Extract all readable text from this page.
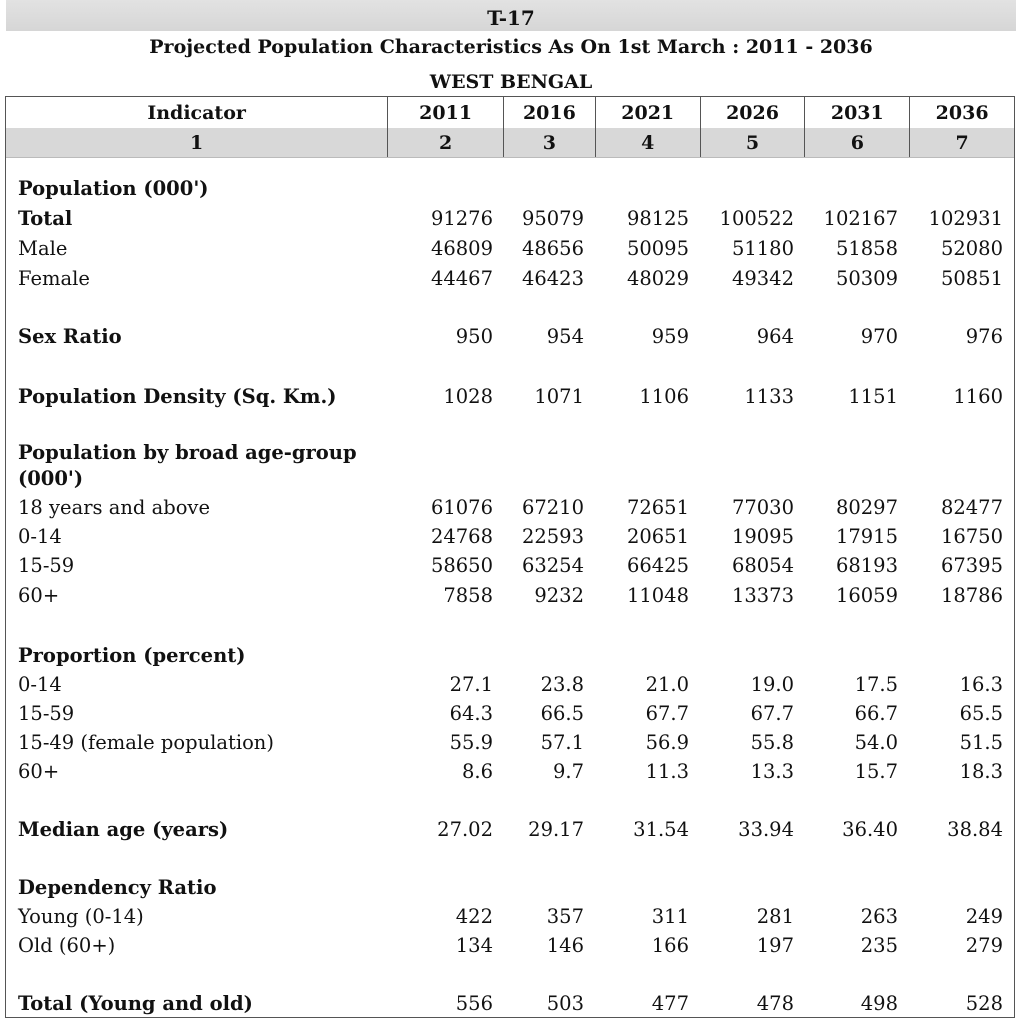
T-17
Projected Population Characteristics As On 1st March : 2011 - 2036
WEST BENGAL
Indicator	2011	2016	2021	2026	2031	2036
1	2	3	4	5	6	7
Population (000')
Total	91276	95079	98125	100522	102167	102931
Male	46809	48656	50095	51180	51858	52080
Female	44467	46423	48029	49342	50309	50851
Sex Ratio	950	954	959	964	970	976
Population Density (Sq. Km.)	1028	1071	1106	1133	1151	1160
Population by broad age-group
(000')
18 years and above	61076	67210	72651	77030	80297	82477
0-14	24768	22593	20651	19095	17915	16750
15-59	58650	63254	66425	68054	68193	67395
60+	7858	9232	11048	13373	16059	18786
Proportion (percent)
0-14	27.1	23.8	21.0	19.0	17.5	16.3
15-59	64.3	66.5	67.7	67.7	66.7	65.5
15-49 (female population)	55.9	57.1	56.9	55.8	54.0	51.5
60+	8.6	9.7	11.3	13.3	15.7	18.3
Median age (years)	27.02	29.17	31.54	33.94	36.40	38.84
Dependency Ratio
Young (0-14)	422	357	311	281	263	249
Old (60+)	134	146	166	197	235	279
Total (Young and old)	556	503	477	478	498	528
